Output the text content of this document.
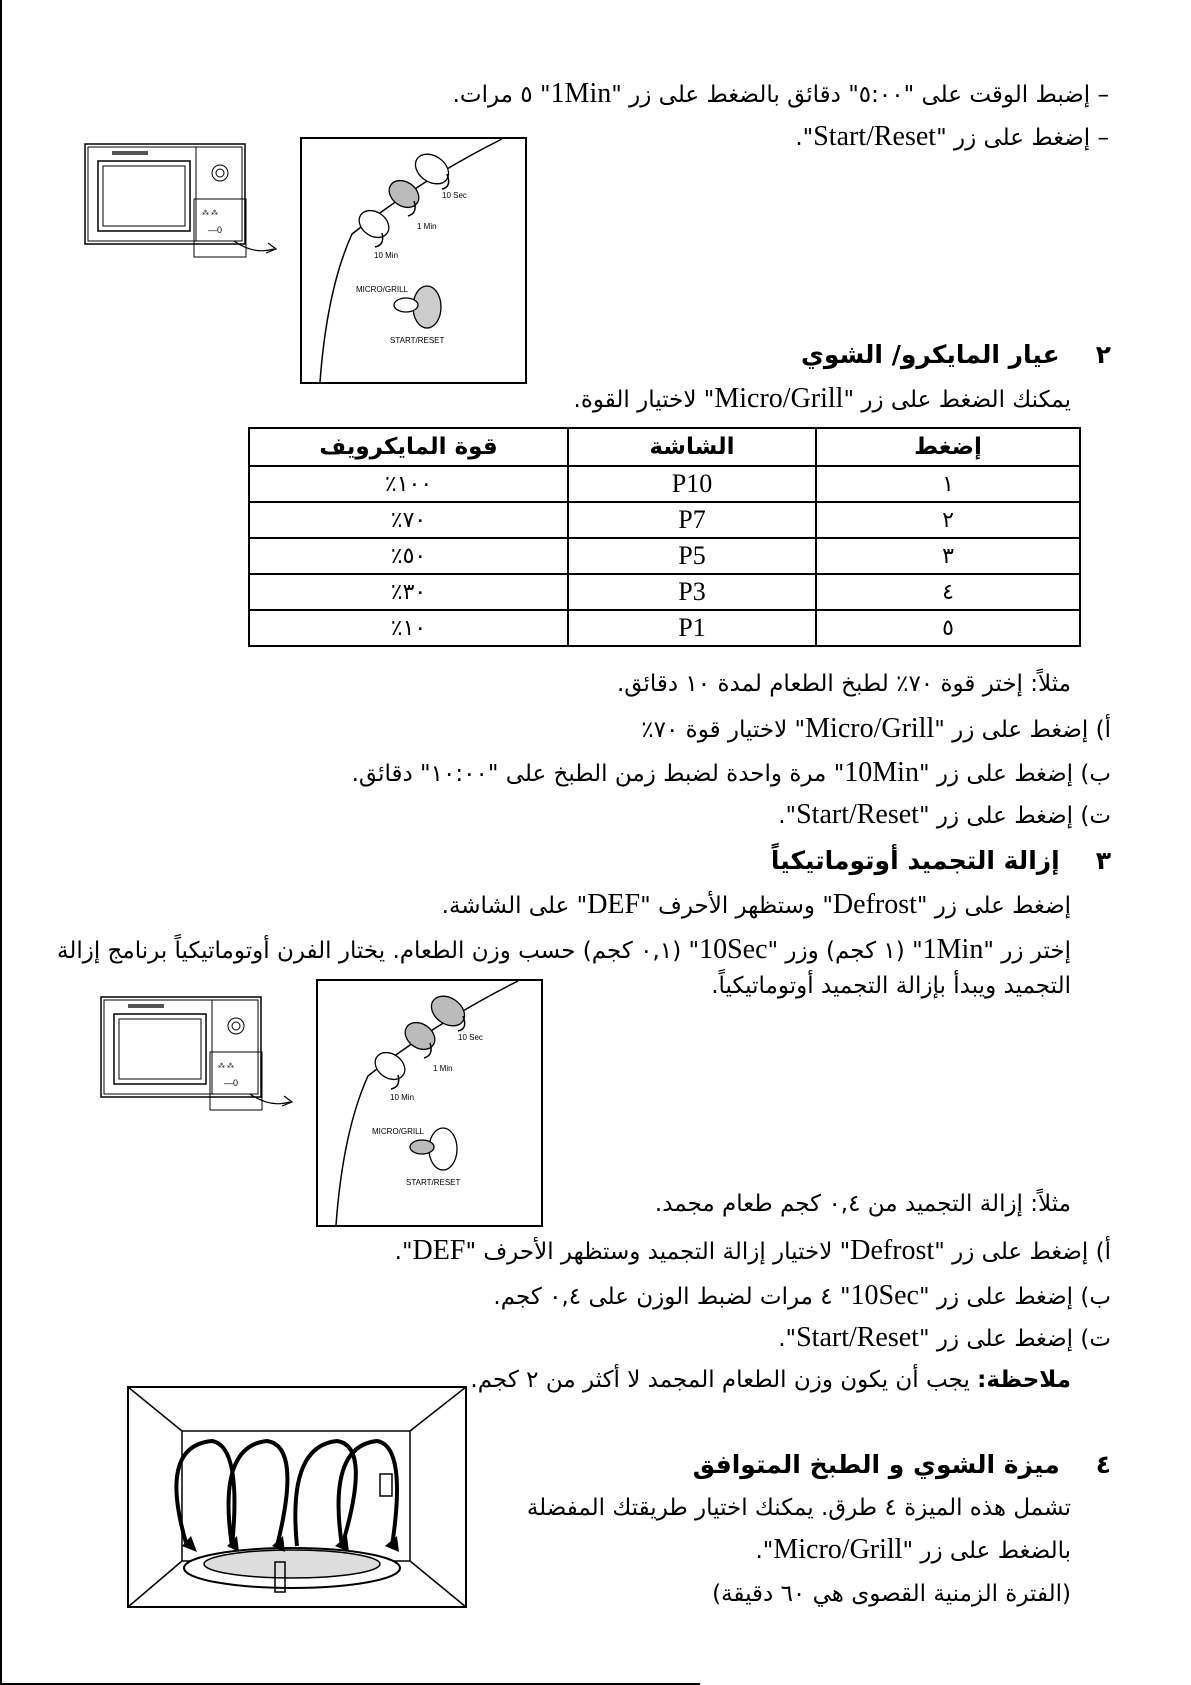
– إضبط الوقت على "٥:٠٠" دقائق بالضغط على زر "1Min" ٥ مرات.
– إضغط على زر "Start/Reset".
⁂ ⁂
—0
10 Sec
1 Min
10 Min
MICRO/GRILL
START/RESET	٢عيار المايكرو/ الشوي
يمكنك الضغط على زر "Micro/Grill" لاختيار القوة.
إضغط	الشاشة	قوة المايكرويف
١	P10	١٠٠٪
٢	P7	٧٠٪
٣	P5	٥٠٪
٤	P3	٣٠٪
٥	P1	١٠٪
مثلاً: إختر قوة ٧٠٪ لطبخ الطعام لمدة ١٠ دقائق.
أ) إضغط على زر "Micro/Grill" لاختيار قوة ٧٠٪
ب) إضغط على زر "10Min" مرة واحدة لضبط زمن الطبخ على "١٠:٠٠" دقائق.
ت) إضغط على زر "Start/Reset".
٣إزالة التجميد أوتوماتيكياً
إضغط على زر "Defrost" وستظهر الأحرف "DEF" على الشاشة.
إختر زر "1Min" (١ كجم) وزر "10Sec" (٠,١ كجم) حسب وزن الطعام. يختار الفرن أوتوماتيكياً برنامج إزالة
التجميد ويبدأ بإزالة التجميد أوتوماتيكياً.
⁂ ⁂
—0
10 Sec
1 Min
10 Min
MICRO/GRILL
START/RESET
مثلاً: إزالة التجميد من ٠,٤ كجم طعام مجمد.
أ) إضغط على زر "Defrost" لاختيار إزالة التجميد وستظهر الأحرف "DEF".
ب) إضغط على زر "10Sec" ٤ مرات لضبط الوزن على ٠,٤ كجم.
ت) إضغط على زر "Start/Reset".
ملاحظة: يجب أن يكون وزن الطعام المجمد لا أكثر من ٢ كجم.
٤ميزة الشوي و الطبخ المتوافق
تشمل هذه الميزة ٤ طرق. يمكنك اختيار طريقتك المفضلة
بالضغط على زر "Micro/Grill".
(الفترة الزمنية القصوى هي ٦٠ دقيقة)
